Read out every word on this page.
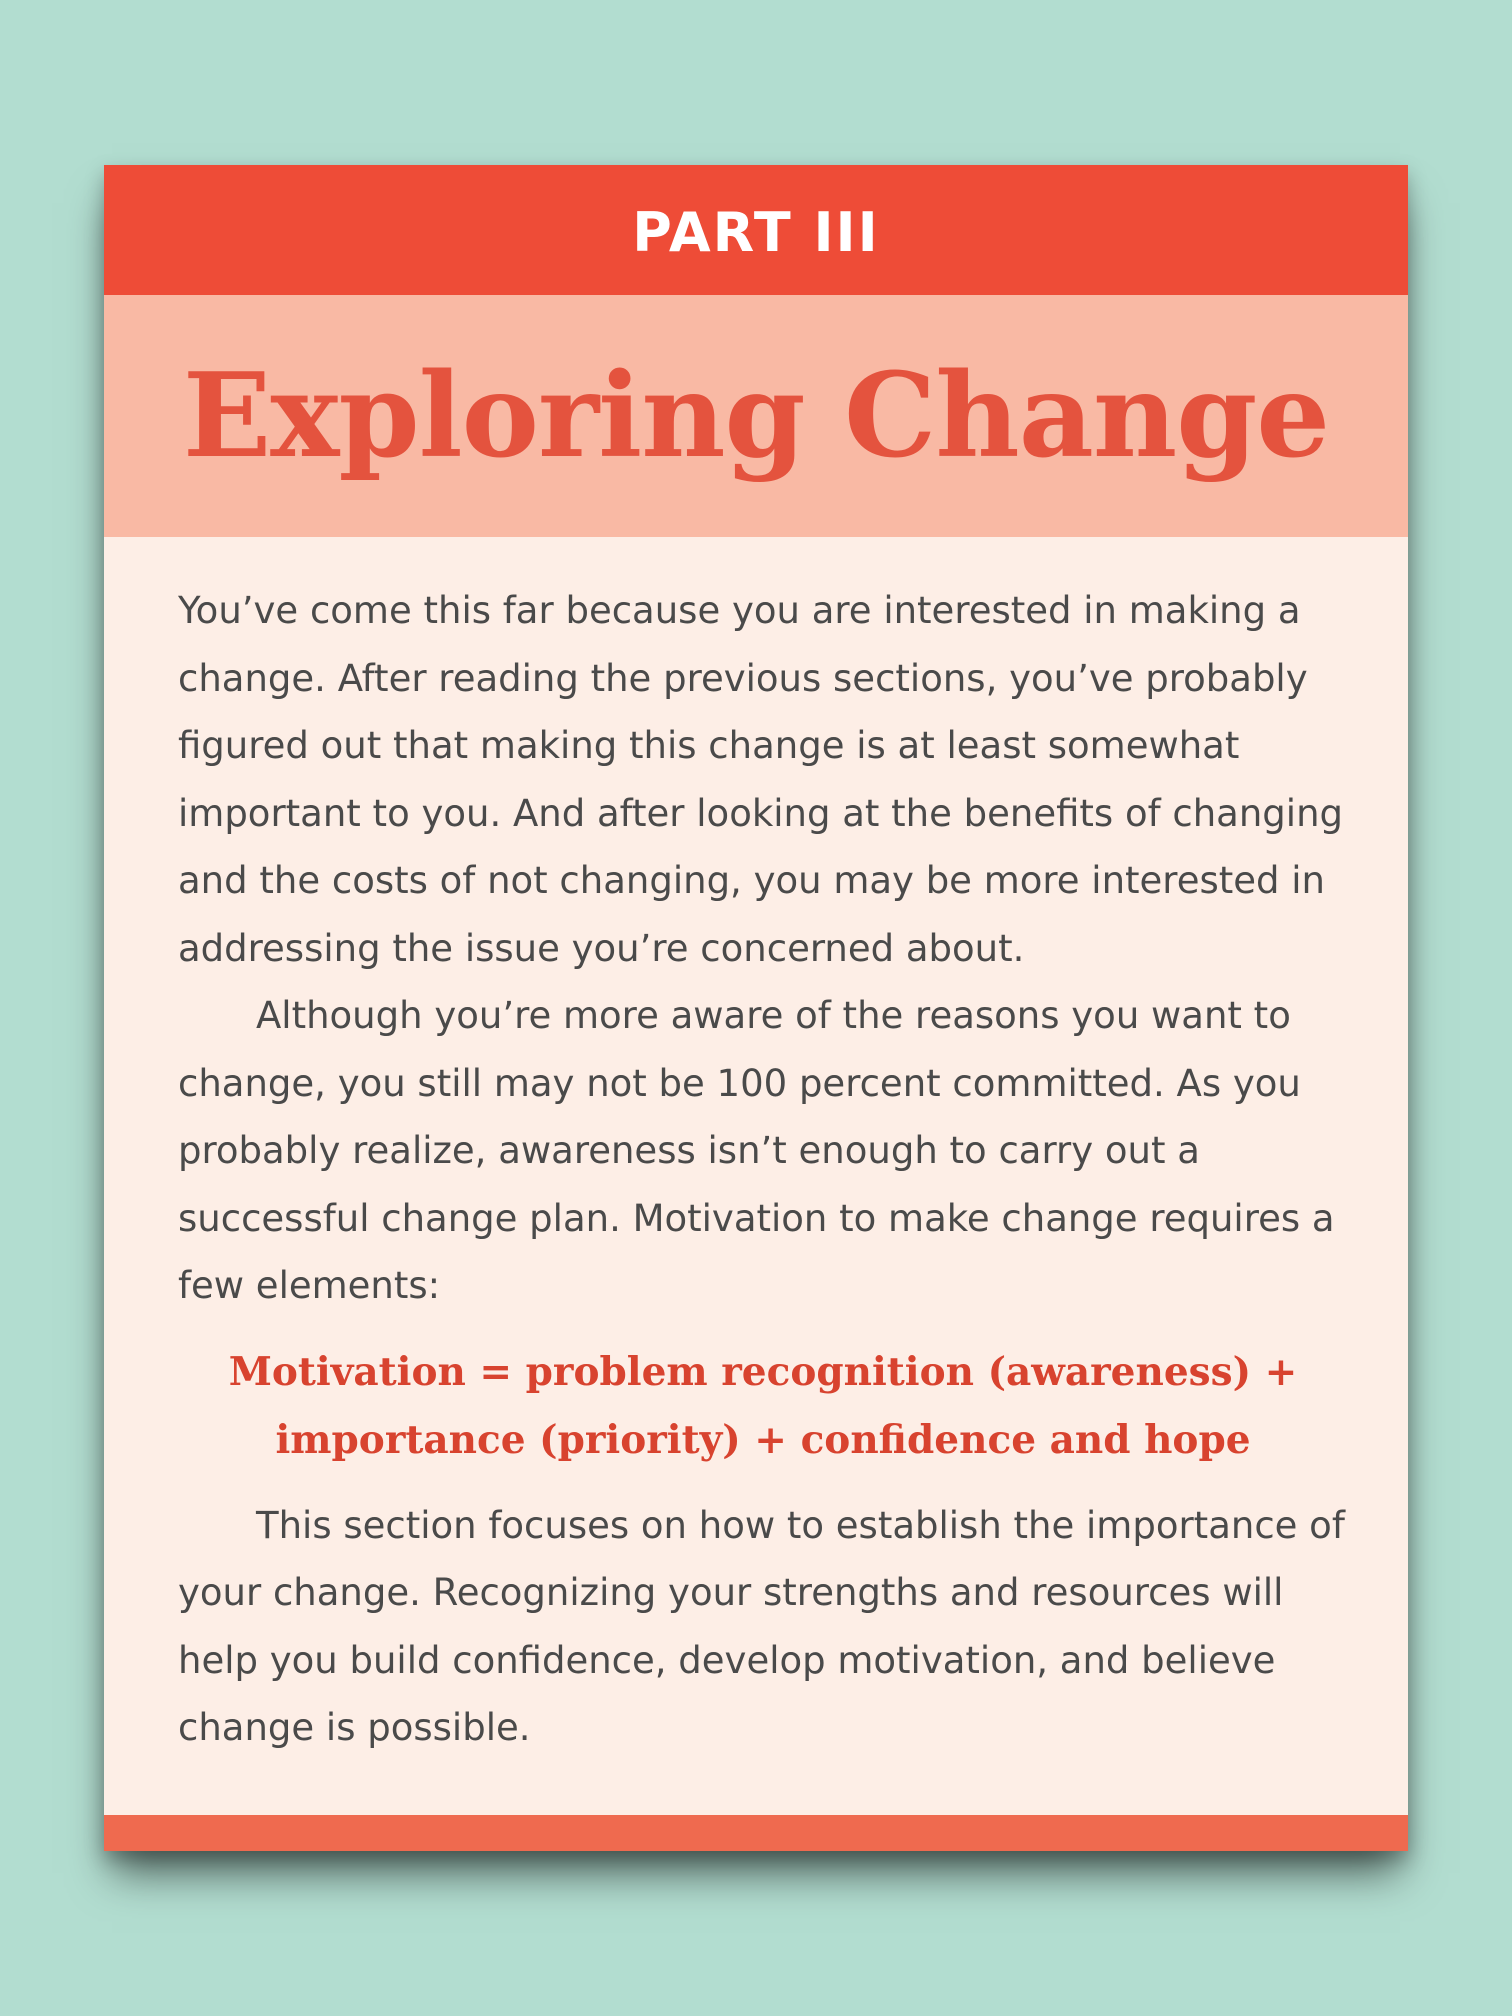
PART III
Exploring Change

You’ve come this far because you are interested in making a change. After reading the previous sections, you’ve probably figured out that making this change is at least somewhat important to you. And after looking at the benefits of changing and the costs of not changing, you may be more interested in addressing the issue you’re concerned about.

Although you’re more aware of the reasons you want to change, you still may not be 100 percent committed. As you probably realize, awareness isn’t enough to carry out a successful change plan. Motivation to make change requires a few elements:

Motivation = problem recognition (awareness) +
importance (priority) + confidence and hope

This section focuses on how to establish the importance of your change. Recognizing your strengths and resources will help you build confidence, develop motivation, and believe change is possible.
